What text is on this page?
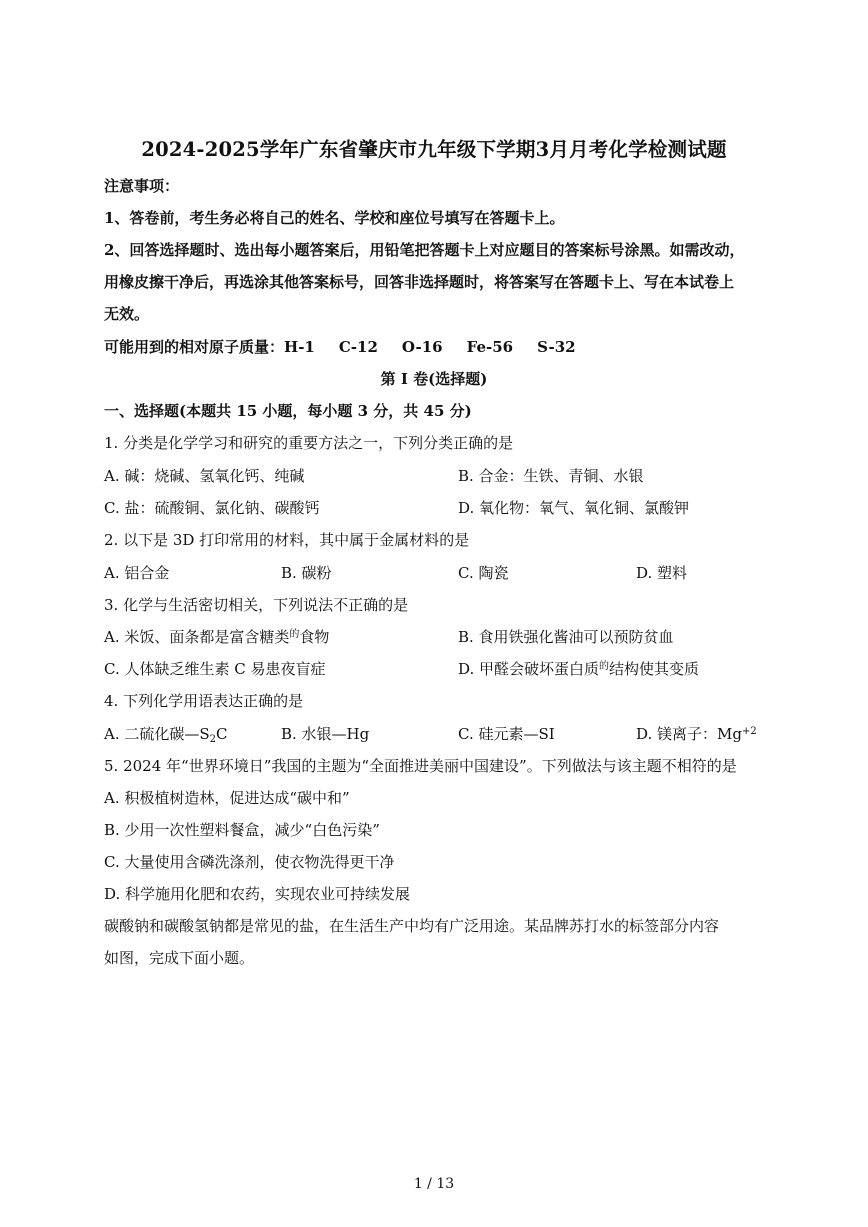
2024-2025学年广东省肇庆市九年级下学期3月月考化学检测试题
注意事项：
1、答卷前，考生务必将自己的姓名、学校和座位号填写在答题卡上。
2、回答选择题时、选出每小题答案后，用铅笔把答题卡上对应题目的答案标号涂黑。如需改动，
用橡皮擦干净后，再选涂其他答案标号，回答非选择题时，将答案写在答题卡上、写在本试卷上
无效。
可能用到的相对原子质量：H-1 C-12 O-16 Fe-56 S-32
第 I 卷(选择题)
一、选择题(本题共 15 小题，每小题 3 分，共 45 分)
1. 分类是化学学习和研究的重要方法之一，下列分类正确的是
A. 碱：烧碱、氢氧化钙、纯碱	B. 合金：生铁、青铜、水银
C. 盐：硫酸铜、氯化钠、碳酸钙	D. 氧化物：氧气、氧化铜、氯酸钾
2. 以下是 3D 打印常用的材料，其中属于金属材料的是
A. 铝合金	B. 碳粉	C. 陶瓷	D. 塑料
3. 化学与生活密切相关，下列说法不正确的是
A. 米饭、面条都是富含糖类$^的$食物	B. 食用铁强化酱油可以预防贫血
C. 人体缺乏维生素 C 易患夜盲症	D. 甲醛会破坏蛋白质$^的$结构使其变质
4. 下列化学用语表达正确的是
A. 二硫化碳$—S_2C$	B. 水银—Hg	C. 硅元素—SI	D. 镁离子：$Mg^{+2}$
5. 2024 年“世界环境日”我国的主题为“全面推进美丽中国建设”。下列做法与该主题不相符的是
A. 积极植树造林，促进达成“碳中和”
B. 少用一次性塑料餐盒，减少“白色污染”
C. 大量使用含磷洗涤剂，使衣物洗得更干净
D. 科学施用化肥和农药，实现农业可持续发展
碳酸钠和碳酸氢钠都是常见的盐，在生活生产中均有广泛用途。某品牌苏打水的标签部分内容
如图，完成下面小题。
1 / 13
